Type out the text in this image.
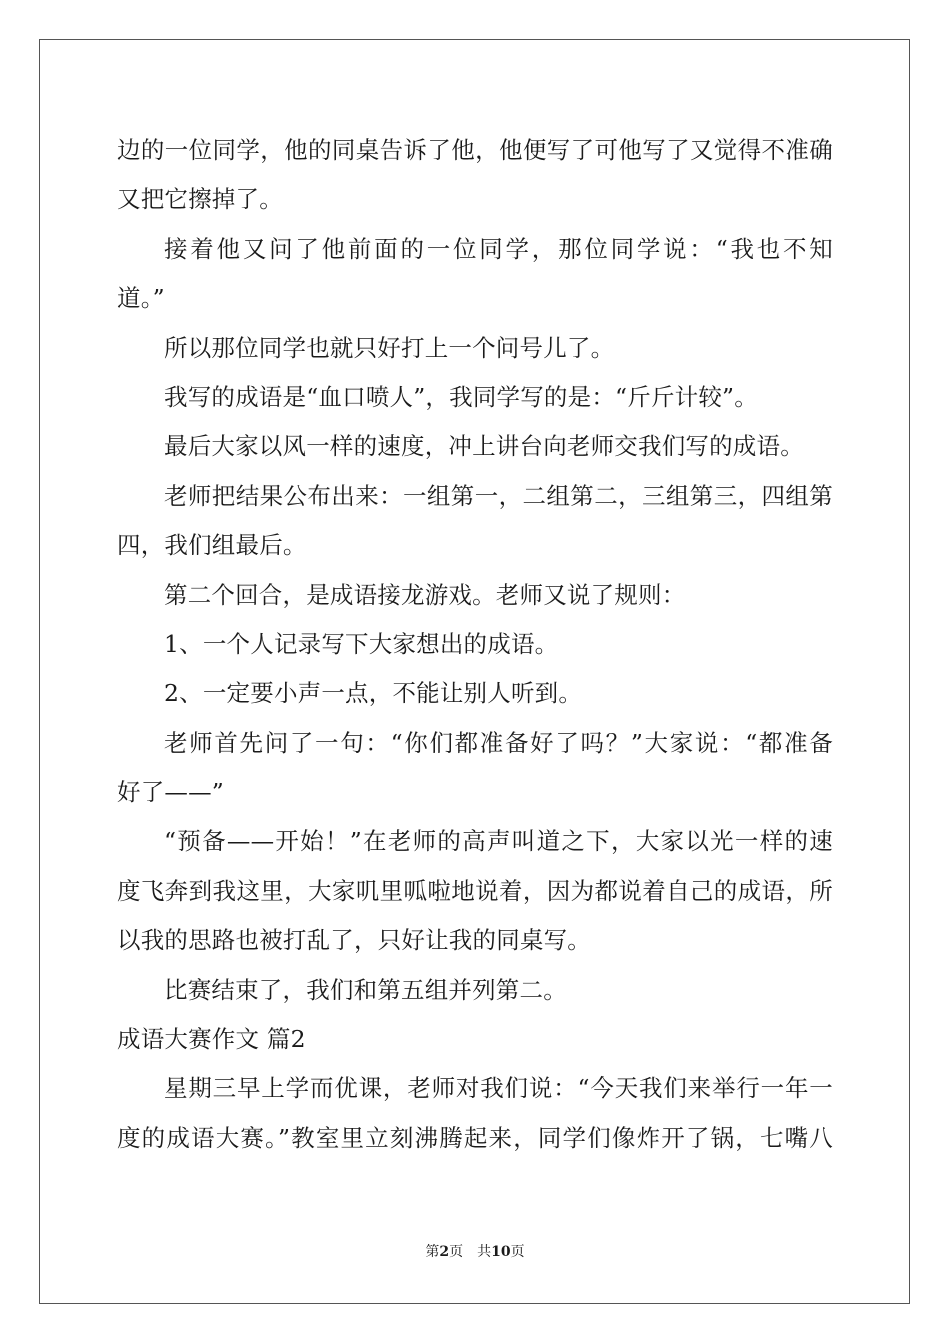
边的一位同学，他的同桌告诉了他，他便写了可他写了又觉得不准确
又把它擦掉了。
接着他又问了他前面的一位同学，那位同学说：“我也不知
道。”
所以那位同学也就只好打上一个问号儿了。
我写的成语是“血口喷人”，我同学写的是：“斤斤计较”。
最后大家以风一样的速度，冲上讲台向老师交我们写的成语。
老师把结果公布出来：一组第一，二组第二，三组第三，四组第
四，我们组最后。
第二个回合，是成语接龙游戏。老师又说了规则：
1、一个人记录写下大家想出的成语。
2、一定要小声一点，不能让别人听到。
老师首先问了一句：“你们都准备好了吗？”大家说：“都准备
好了——”
“预备——开始！”在老师的高声叫道之下，大家以光一样的速
度飞奔到我这里，大家叽里呱啦地说着，因为都说着自己的成语，所
以我的思路也被打乱了，只好让我的同桌写。
比赛结束了，我们和第五组并列第二。
成语大赛作文 篇2
星期三早上学而优课，老师对我们说：“今天我们来举行一年一
度的成语大赛。”教室里立刻沸腾起来，同学们像炸开了锅，七嘴八
第2页 共10页
